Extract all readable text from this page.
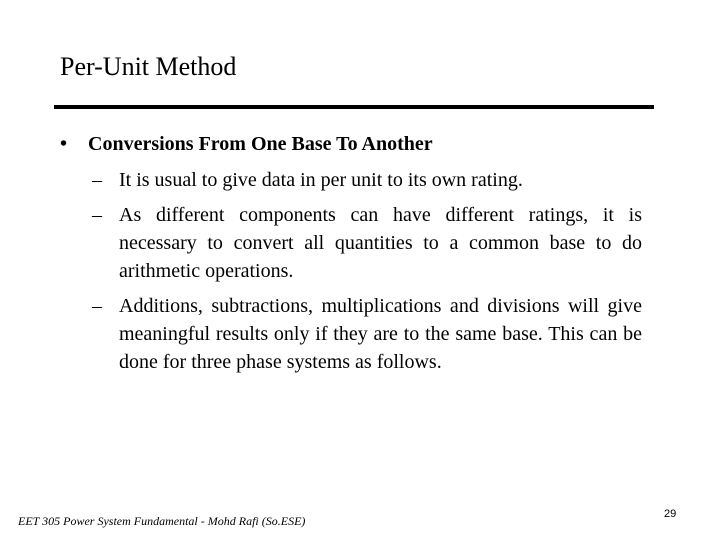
Per-Unit Method
• Conversions From One Base To Another
– It is usual to give data in per unit to its own rating.
– As different components can have different ratings, it is necessary to convert all quantities to a common base to do arithmetic operations.
– Additions, subtractions, multiplications and divisions will give meaningful results only if they are to the same base. This can be done for three phase systems as follows.
EET 305 Power System Fundamental - Mohd Rafi (So.ESE)	29
